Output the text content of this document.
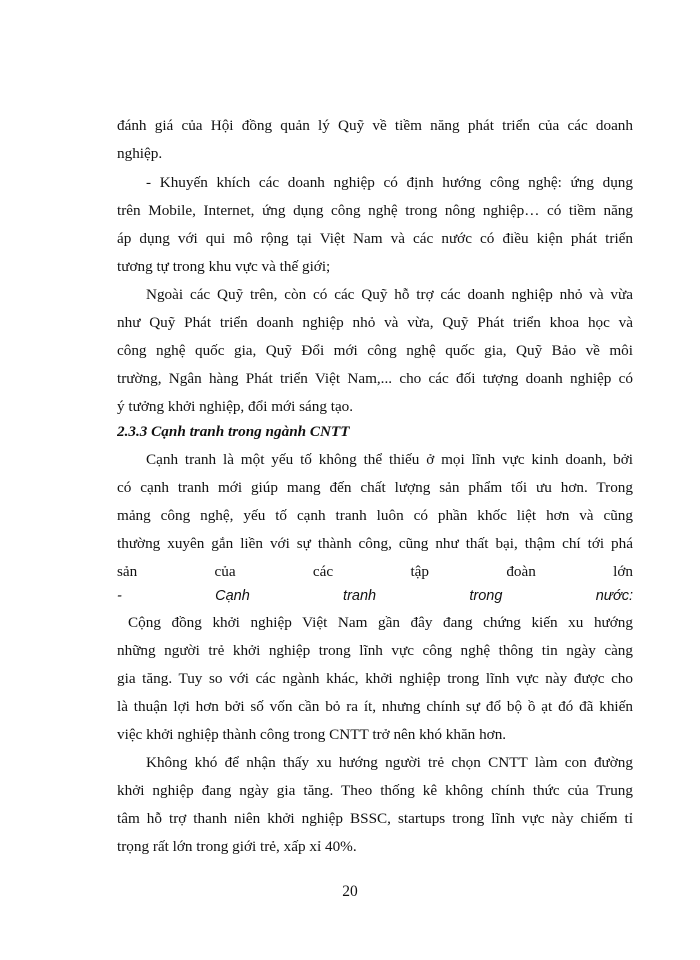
đánh giá của Hội đồng quản lý Quỹ về tiềm năng phát triển của các doanh
nghiệp.
- Khuyến khích các doanh nghiệp có định hướng công nghệ: ứng dụng
trên Mobile, Internet, ứng dụng công nghệ trong nông nghiệp… có tiềm năng
áp dụng với qui mô rộng tại Việt Nam và các nước có điều kiện phát triển
tương tự trong khu vực và thế giới;
Ngoài các Quỹ trên, còn có các Quỹ hỗ trợ các doanh nghiệp nhỏ và vừa
như Quỹ Phát triển doanh nghiệp nhỏ và vừa, Quỹ Phát triển khoa học và
công nghệ quốc gia, Quỹ Đổi mới công nghệ quốc gia, Quỹ Bảo về môi
trường, Ngân hàng Phát triển Việt Nam,... cho các đối tượng doanh nghiệp có
ý tưởng khởi nghiệp, đổi mới sáng tạo.
2.3.3 Cạnh tranh trong ngành CNTT
Cạnh tranh là một yếu tố không thể thiếu ở mọi lĩnh vực kinh doanh, bởi
có cạnh tranh mới giúp mang đến chất lượng sản phẩm tối ưu hơn. Trong
mảng công nghệ, yếu tố cạnh tranh luôn có phần khốc liệt hơn và cũng
thường xuyên gắn liền với sự thành công, cũng như thất bại, thậm chí tới phá
sản của các tập đoàn lớn
- Cạnh tranh trong nước:
Cộng đồng khởi nghiệp Việt Nam gần đây đang chứng kiến xu hướng
những người trẻ khởi nghiệp trong lĩnh vực công nghệ thông tin ngày càng
gia tăng. Tuy so với các ngành khác, khởi nghiệp trong lĩnh vực này được cho
là thuận lợi hơn bởi số vốn cần bỏ ra ít, nhưng chính sự đổ bộ ồ ạt đó đã khiến
việc khởi nghiệp thành công trong CNTT trở nên khó khăn hơn.
Không khó để nhận thấy xu hướng người trẻ chọn CNTT làm con đường
khởi nghiệp đang ngày gia tăng. Theo thống kê không chính thức của Trung
tâm hỗ trợ thanh niên khởi nghiệp BSSC, startups trong lĩnh vực này chiếm tỉ
trọng rất lớn trong giới trẻ, xấp xỉ 40%.
20
